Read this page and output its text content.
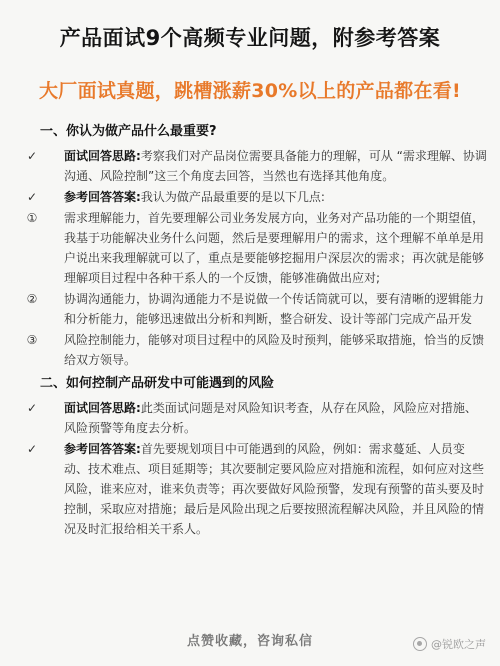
产品面试9个高频专业问题，附参考答案
大厂面试真题，跳槽涨薪30%以上的产品都在看!
一、你认为做产品什么最重要?
✓	面试回答思路:考察我们对产品岗位需要具备能力的理解，可从 “需求理解、协调沟通、风险控制”这三个角度去回答，当然也有选择其他角度。
✓	参考回答答案:我认为做产品最重要的是以下几点:
①	需求理解能力，首先要理解公司业务发展方向，业务对产品功能的一个期望值，我基于功能解决业务什么问题，然后是要理解用户的需求，这个理解不单单是用户说出来我理解就可以了，重点是要能够挖掘用户深层次的需求；再次就是能够理解项目过程中各种干系人的一个反馈，能够准确做出应对;
②	协调沟通能力，协调沟通能力不是说做一个传话筒就可以，要有清晰的逻辑能力和分析能力，能够迅速做出分析和判断，整合研发、设计等部门完成产品开发
③	风险控制能力，能够对项目过程中的风险及时预判，能够采取措施，恰当的反馈给双方领导。
二、如何控制产品研发中可能遇到的风险
✓	面试回答思路:此类面试问题是对风险知识考查，从存在风险，风险应对措施、风险预警等角度去分析。
✓	参考回答答案:首先要规划项目中可能遇到的风险，例如：需求蔓延、人员变动、技术难点、项目延期等；其次要制定要风险应对措施和流程，如何应对这些风险，谁来应对，谁来负责等；再次要做好风险预警，发现有预警的苗头要及时控制，采取应对措施；最后是风险出现之后要按照流程解决风险，并且风险的情况及时汇报给相关干系人。
点赞收藏，咨询私信	@锐欧之声
